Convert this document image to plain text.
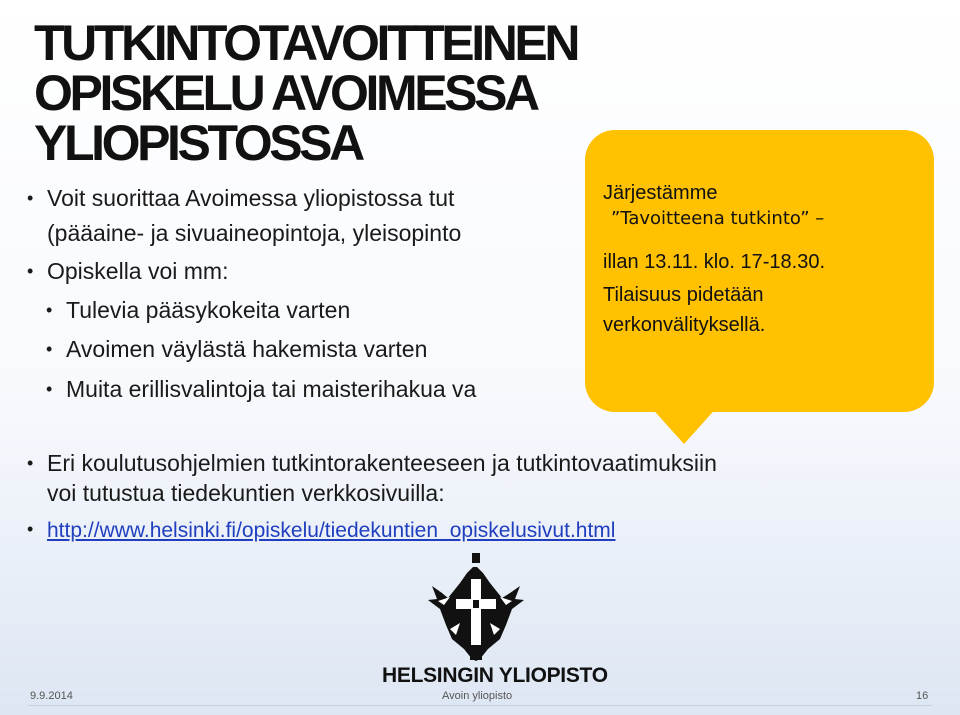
TUTKINTOTAVOITTEINEN
OPISKELU AVOIMESSA
YLIOPISTOSSA
• Voit suorittaa Avoimessa yliopistossa tut
(pääaine- ja sivuaineopintoja, yleisopinto
• Opiskella voi mm:
• Tulevia pääsykokeita varten
• Avoimen väylästä hakemista varten
• Muita erillisvalintoja tai maisterihakua va
Järjestämme
”Tavoitteena tutkinto” –
illan 13.11. klo. 17-18.30.
Tilaisuus pidetään
verkonvälityksellä.
• Eri koulutusohjelmien tutkintorakenteeseen ja tutkintovaatimuksiin
voi tutustua tiedekuntien verkkosivuilla:
• http://www.helsinki.fi/opiskelu/tiedekuntien_opiskelusivut.html
HELSINGIN YLIOPISTO
9.9.2014	Avoin yliopisto	16
